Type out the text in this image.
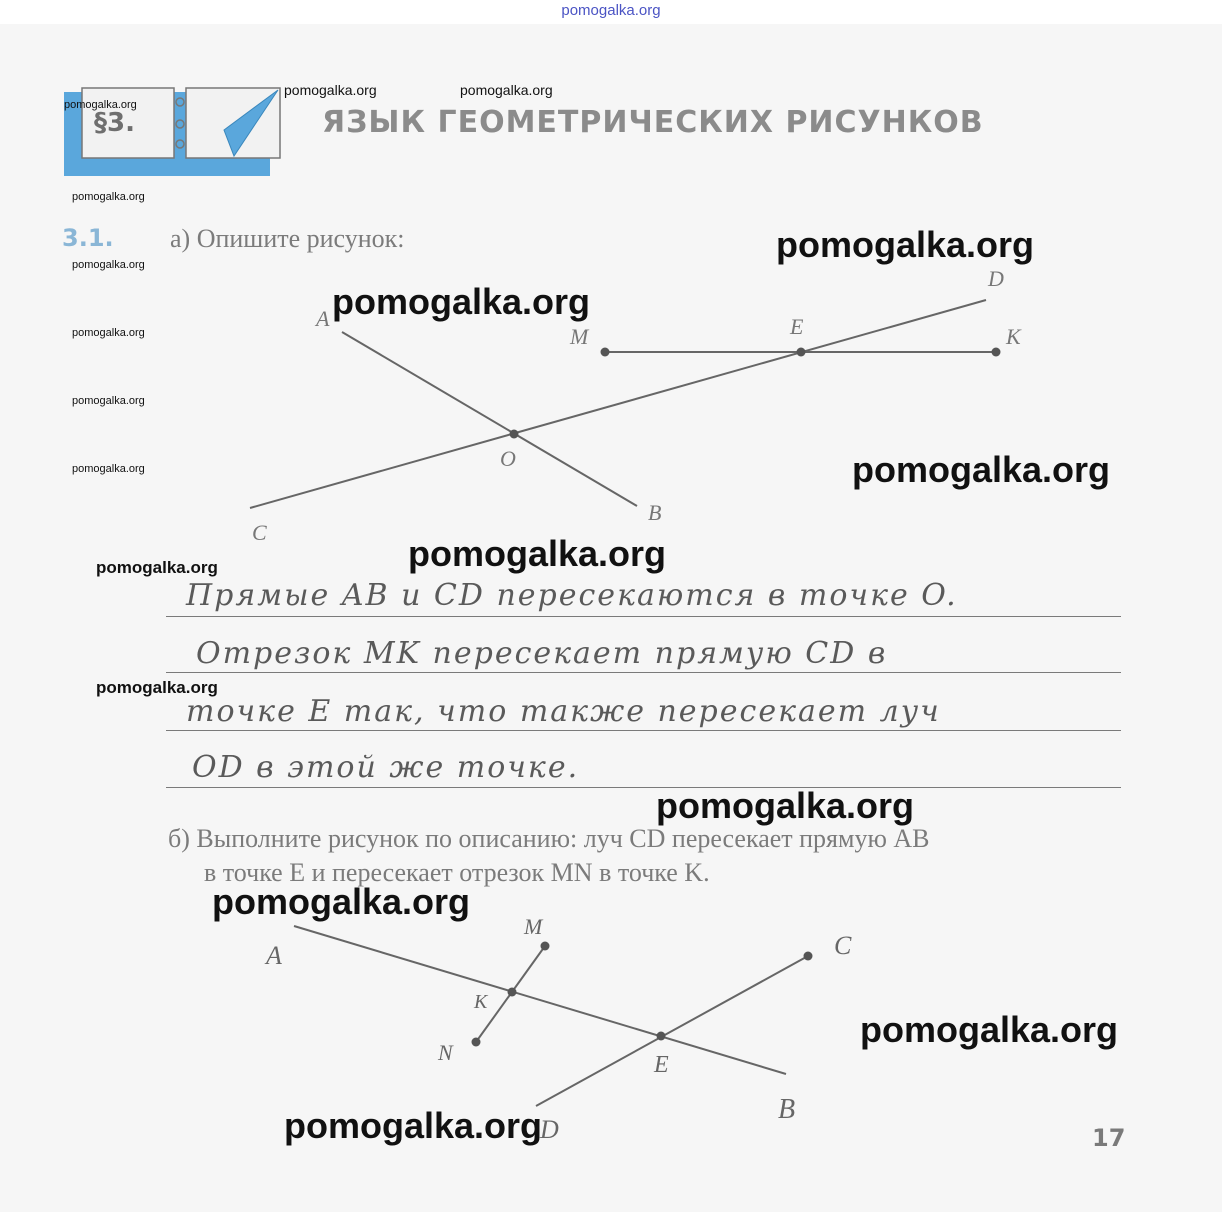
pomogalka.org
§3.	ЯЗЫК ГЕОМЕТРИЧЕСКИХ РИСУНКОВ
pomogalka.org
pomogalka.org	pomogalka.org
pomogalka.org
pomogalka.org
pomogalka.org
pomogalka.org
pomogalka.org
pomogalka.org
pomogalka.org
3.1. а) Опишите рисунок:
A
B
C
D
M	K
E
O
pomogalka.org
pomogalka.org
pomogalka.org
pomogalka.org
Прямые AB и CD пересекаются в точке O.
Отрезок MK пересекает прямую CD в
точке E так, что также пересекает луч
OD в этой же точке.
pomogalka.org
б) Выполните рисунок по описанию: луч CD пересекает прямую AB
в точке E и пересекает отрезок MN в точке K.
pomogalka.org
A
M
C
K
N	E
B
D
pomogalka.org
pomogalka.org	17
